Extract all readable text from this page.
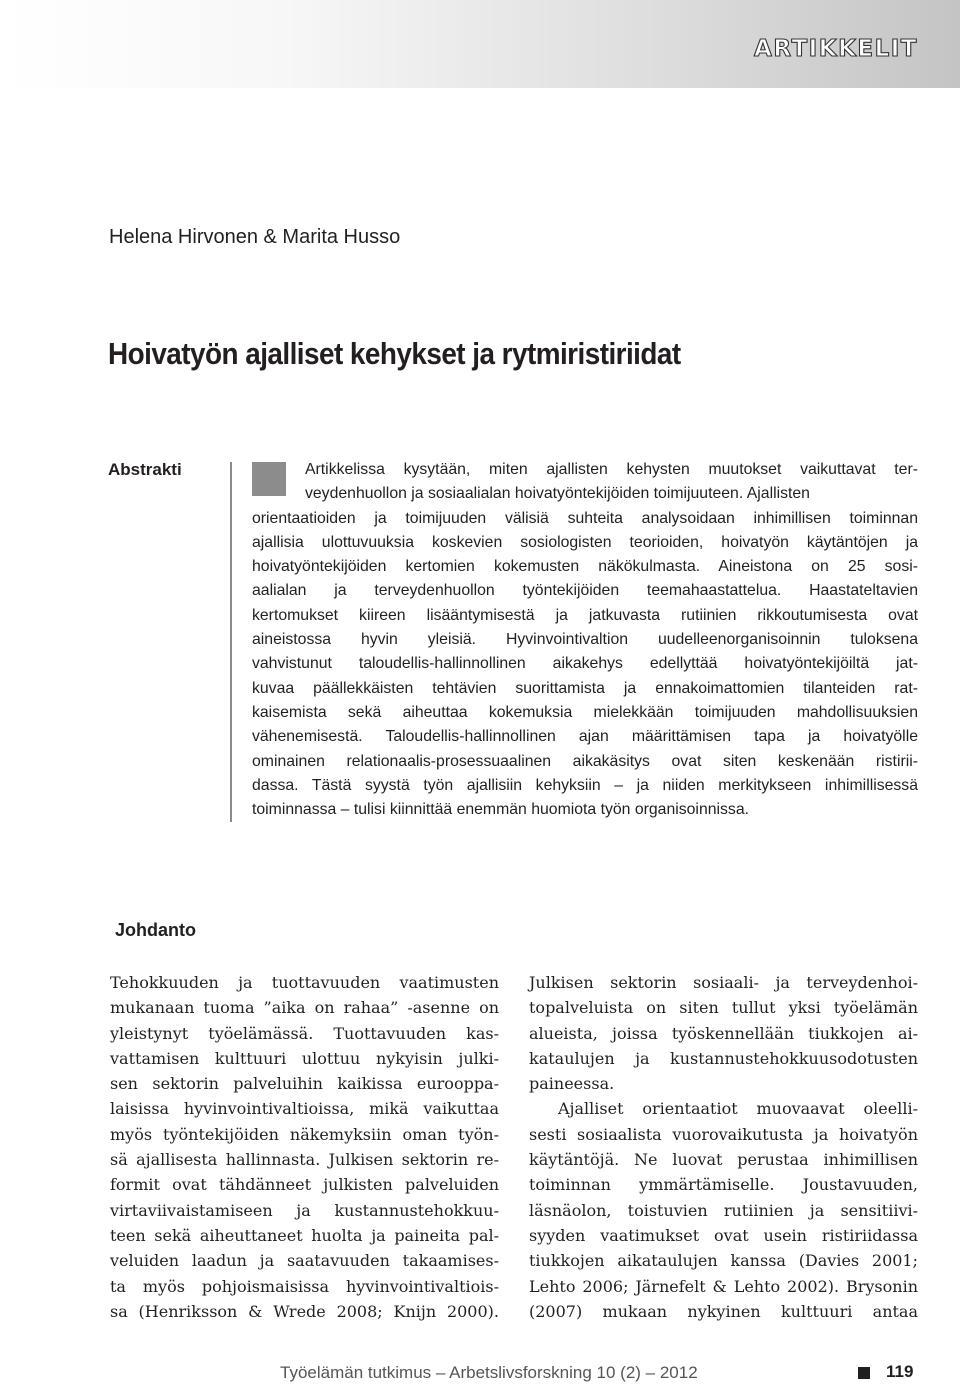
ARTIKKELIT
Helena Hirvonen & Marita Husso
Hoivatyön ajalliset kehykset ja rytmiristiriidat
Abstrakti	Artikkelissa kysytään, miten ajallisten kehysten muutokset vaikuttavat ter-
veydenhuollon ja sosiaalialan hoivatyöntekijöiden toimijuuteen. Ajallisten
orientaatioiden ja toimijuuden välisiä suhteita analysoidaan inhimillisen toiminnan
ajallisia ulottuvuuksia koskevien sosiologisten teorioiden, hoivatyön käytäntöjen ja
hoivatyöntekijöiden kertomien kokemusten näkökulmasta. Aineistona on 25 sosi-
aalialan ja terveydenhuollon työntekijöiden teemahaastattelua. Haastateltavien
kertomukset kiireen lisääntymisestä ja jatkuvasta rutiinien rikkoutumisesta ovat
aineistossa hyvin yleisiä. Hyvinvointivaltion uudelleenorganisoinnin tuloksena
vahvistunut taloudellis-hallinnollinen aikakehys edellyttää hoivatyöntekijöiltä jat-
kuvaa päällekkäisten tehtävien suorittamista ja ennakoimattomien tilanteiden rat-
kaisemista sekä aiheuttaa kokemuksia mielekkään toimijuuden mahdollisuuksien
vähenemisestä. Taloudellis-hallinnollinen ajan määrittämisen tapa ja hoivatyölle
ominainen relationaalis-prosessuaalinen aikakäsitys ovat siten keskenään ristirii-
dassa. Tästä syystä työn ajallisiin kehyksiin – ja niiden merkitykseen inhimillisessä
toiminnassa – tulisi kiinnittää enemmän huomiota työn organisoinnissa.
Johdanto
Tehokkuuden ja tuottavuuden vaatimusten
mukanaan tuoma ”aika on rahaa” -asenne on
yleistynyt työelämässä. Tuottavuuden kas-
vattamisen kulttuuri ulottuu nykyisin julki-
sen sektorin palveluihin kaikissa eurooppa-
laisissa hyvinvointivaltioissa, mikä vaikuttaa
myös työntekijöiden näkemyksiin oman työn-
sä ajallisesta hallinnasta. Julkisen sektorin re-
formit ovat tähdänneet julkisten palveluiden
virtaviivaistamiseen ja kustannustehokkuu-
teen sekä aiheuttaneet huolta ja paineita pal-
veluiden laadun ja saatavuuden takaamises-
ta myös pohjoismaisissa hyvinvointivaltiois-
sa (Henriksson & Wrede 2008; Knijn 2000).
Julkisen sektorin sosiaali- ja terveydenhoi-
topalveluista on siten tullut yksi työelämän
alueista, joissa työskennellään tiukkojen ai-
kataulujen ja kustannustehokkuusodotusten
paineessa.
Ajalliset orientaatiot muovaavat oleelli-
sesti sosiaalista vuorovaikutusta ja hoivatyön
käytäntöjä. Ne luovat perustaa inhimillisen
toiminnan ymmärtämiselle. Joustavuuden,
läsnäolon, toistuvien rutiinien ja sensitiivi-
syyden vaatimukset ovat usein ristiriidassa
tiukkojen aikataulujen kanssa (Davies 2001;
Lehto 2006; Järnefelt & Lehto 2002). Brysonin
(2007) mukaan nykyinen kulttuuri antaa
Työelämän tutkimus – Arbetslivsforskning 10 (2) – 2012	119
